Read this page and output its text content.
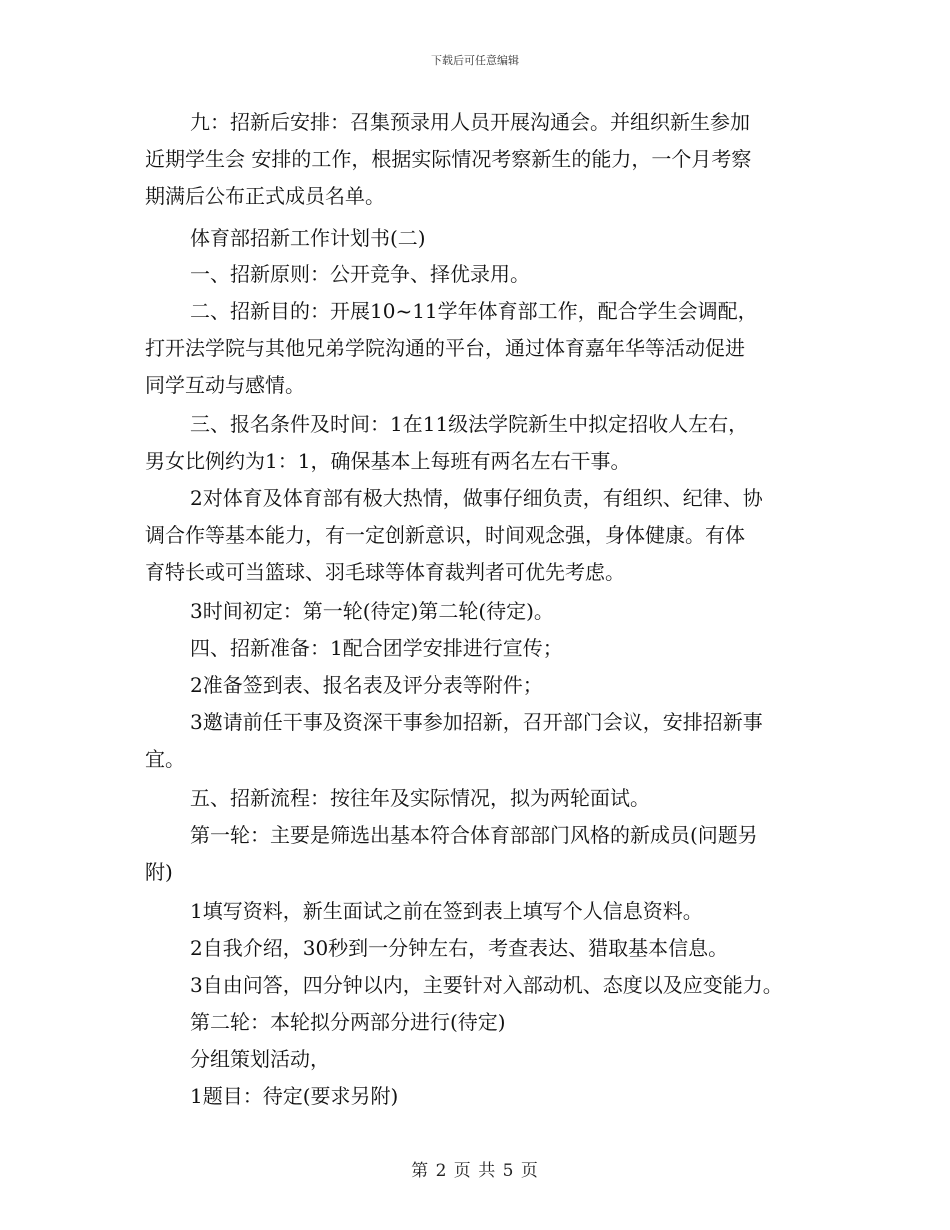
下载后可任意编辑
九：招新后安排：召集预录用人员开展沟通会。并组织新生参加
近期学生会 安排的工作，根据实际情况考察新生的能力，一个月考察
期满后公布正式成员名单。
体育部招新工作计划书(二)
一、招新原则：公开竞争、择优录用。
二、招新目的：开展10~11学年体育部工作，配合学生会调配，
打开法学院与其他兄弟学院沟通的平台，通过体育嘉年华等活动促进
同学互动与感情。
三、报名条件及时间：1在11级法学院新生中拟定招收人左右，
男女比例约为1：1，确保基本上每班有两名左右干事。
2对体育及体育部有极大热情，做事仔细负责，有组织、纪律、协
调合作等基本能力，有一定创新意识，时间观念强，身体健康。有体
育特长或可当篮球、羽毛球等体育裁判者可优先考虑。
3时间初定：第一轮(待定)第二轮(待定)。
四、招新准备：1配合团学安排进行宣传；
2准备签到表、报名表及评分表等附件；
3邀请前任干事及资深干事参加招新，召开部门会议，安排招新事
宜。
五、招新流程：按往年及实际情况，拟为两轮面试。
第一轮：主要是筛选出基本符合体育部部门风格的新成员(问题另
附)
1填写资料，新生面试之前在签到表上填写个人信息资料。
2自我介绍，30秒到一分钟左右，考查表达、猎取基本信息。
3自由问答，四分钟以内，主要针对入部动机、态度以及应变能力。
第二轮：本轮拟分两部分进行(待定)
分组策划活动，
1题目：待定(要求另附)
第 2 页 共 5 页
